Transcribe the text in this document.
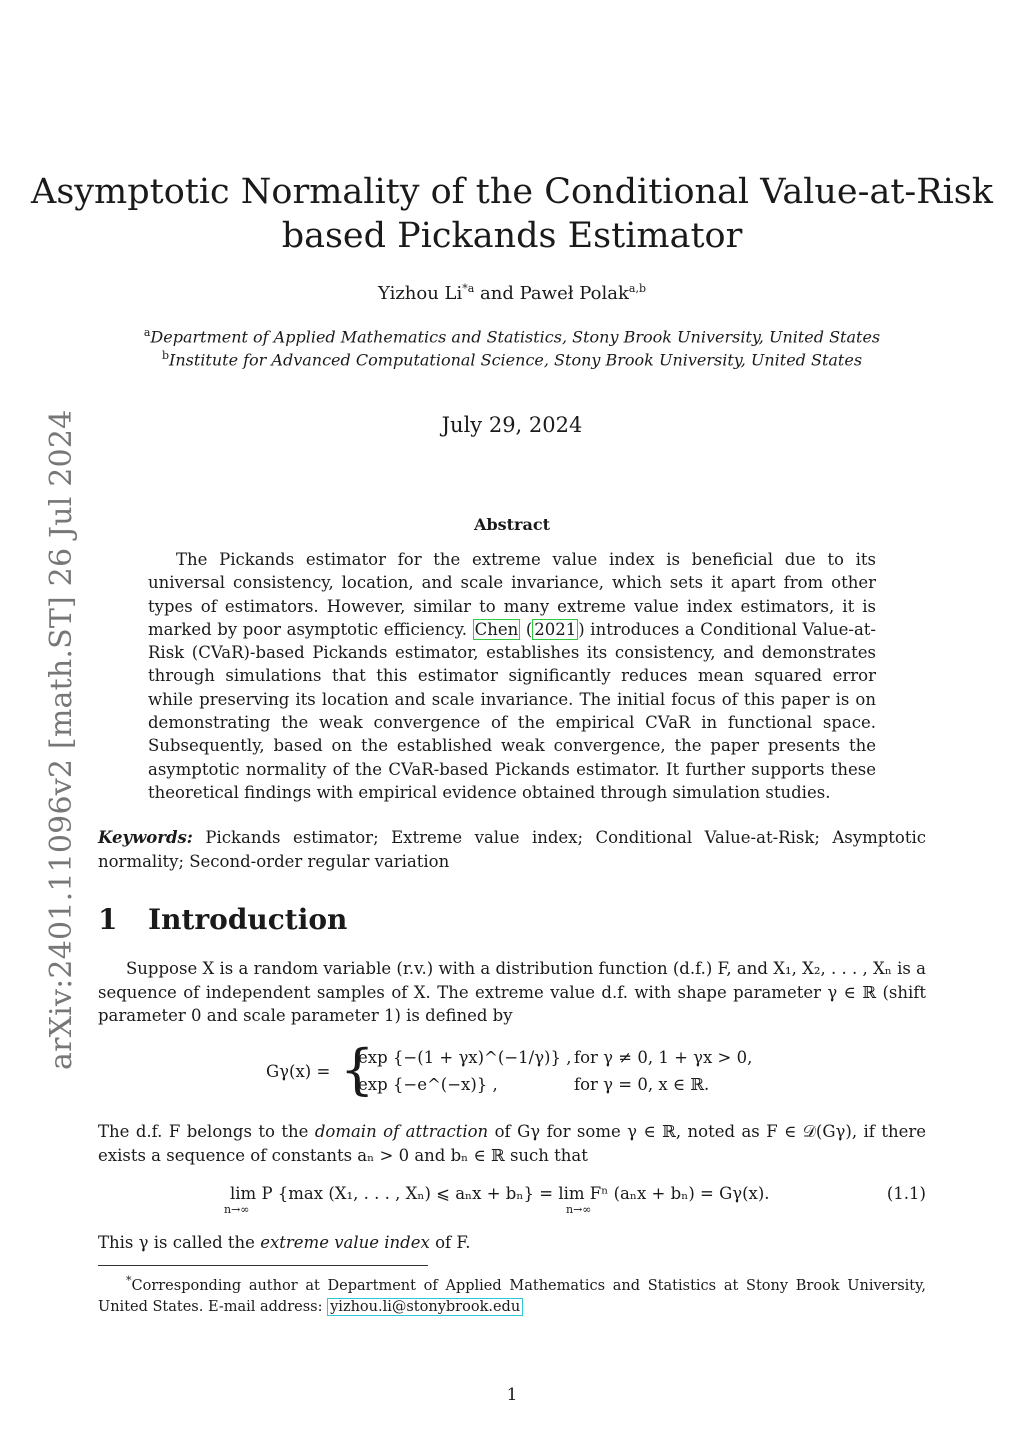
arXiv:2401.11096v2 [math.ST] 26 Jul 2024
Asymptotic Normality of the Conditional Value-at-Risk
based Pickands Estimator
Yizhou Li$^{*a}$ and Paweł Polak$^{a,b}$
$^a$Department of Applied Mathematics and Statistics, Stony Brook University, United States
$^b$Institute for Advanced Computational Science, Stony Brook University, United States
July 29, 2024
Abstract
The Pickands estimator for the extreme value index is beneficial due to its universal consistency, location, and scale invariance, which sets it apart from other types of estimators. However, similar to many extreme value index estimators, it is marked by poor asymptotic efficiency. Chen ( 2021 ) introduces a Conditional Value-at-Risk (CVaR)-based Pickands estimator, establishes its consistency, and demonstrates through simulations that this estimator significantly reduces mean squared error while preserving its location and scale invariance. The initial focus of this paper is on demonstrating the weak convergence of the empirical CVaR in functional space. Subsequently, based on the established weak convergence, the paper presents the asymptotic normality of the CVaR-based Pickands estimator. It further supports these theoretical findings with empirical evidence obtained through simulation studies.
Keywords: Pickands estimator; Extreme value index; Conditional Value-at-Risk; Asymptotic normality; Second-order regular variation
1 Introduction
Suppose X is a random variable (r.v.) with a distribution function (d.f.) F, and X₁, X₂, . . . , Xₙ is a sequence of independent samples of X. The extreme value d.f. with shape parameter γ ∈ ℝ (shift parameter 0 and scale parameter 1) is defined by
Gγ(x) = {
exp {−(1 + γx)^(−1/γ)} , for γ ≠ 0, 1 + γx > 0,
exp {−e^(−x)} ,	for γ = 0, x ∈ ℝ.
The d.f. F belongs to the domain of attraction of Gγ for some γ ∈ ℝ, noted as F ∈ 𝒟(Gγ), if there exists a sequence of constants aₙ > 0 and bₙ ∈ ℝ such that
lim P {max (X₁, . . . , Xₙ) ⩽ aₙx + bₙ} = lim Fⁿ (aₙx + bₙ) = Gγ(x).
n→∞	n→∞
(1.1)
This γ is called the extreme value index of F.
*Corresponding author at Department of Applied Mathematics and Statistics at Stony Brook University, United States. E-mail address: yizhou.li@stonybrook.edu
1
